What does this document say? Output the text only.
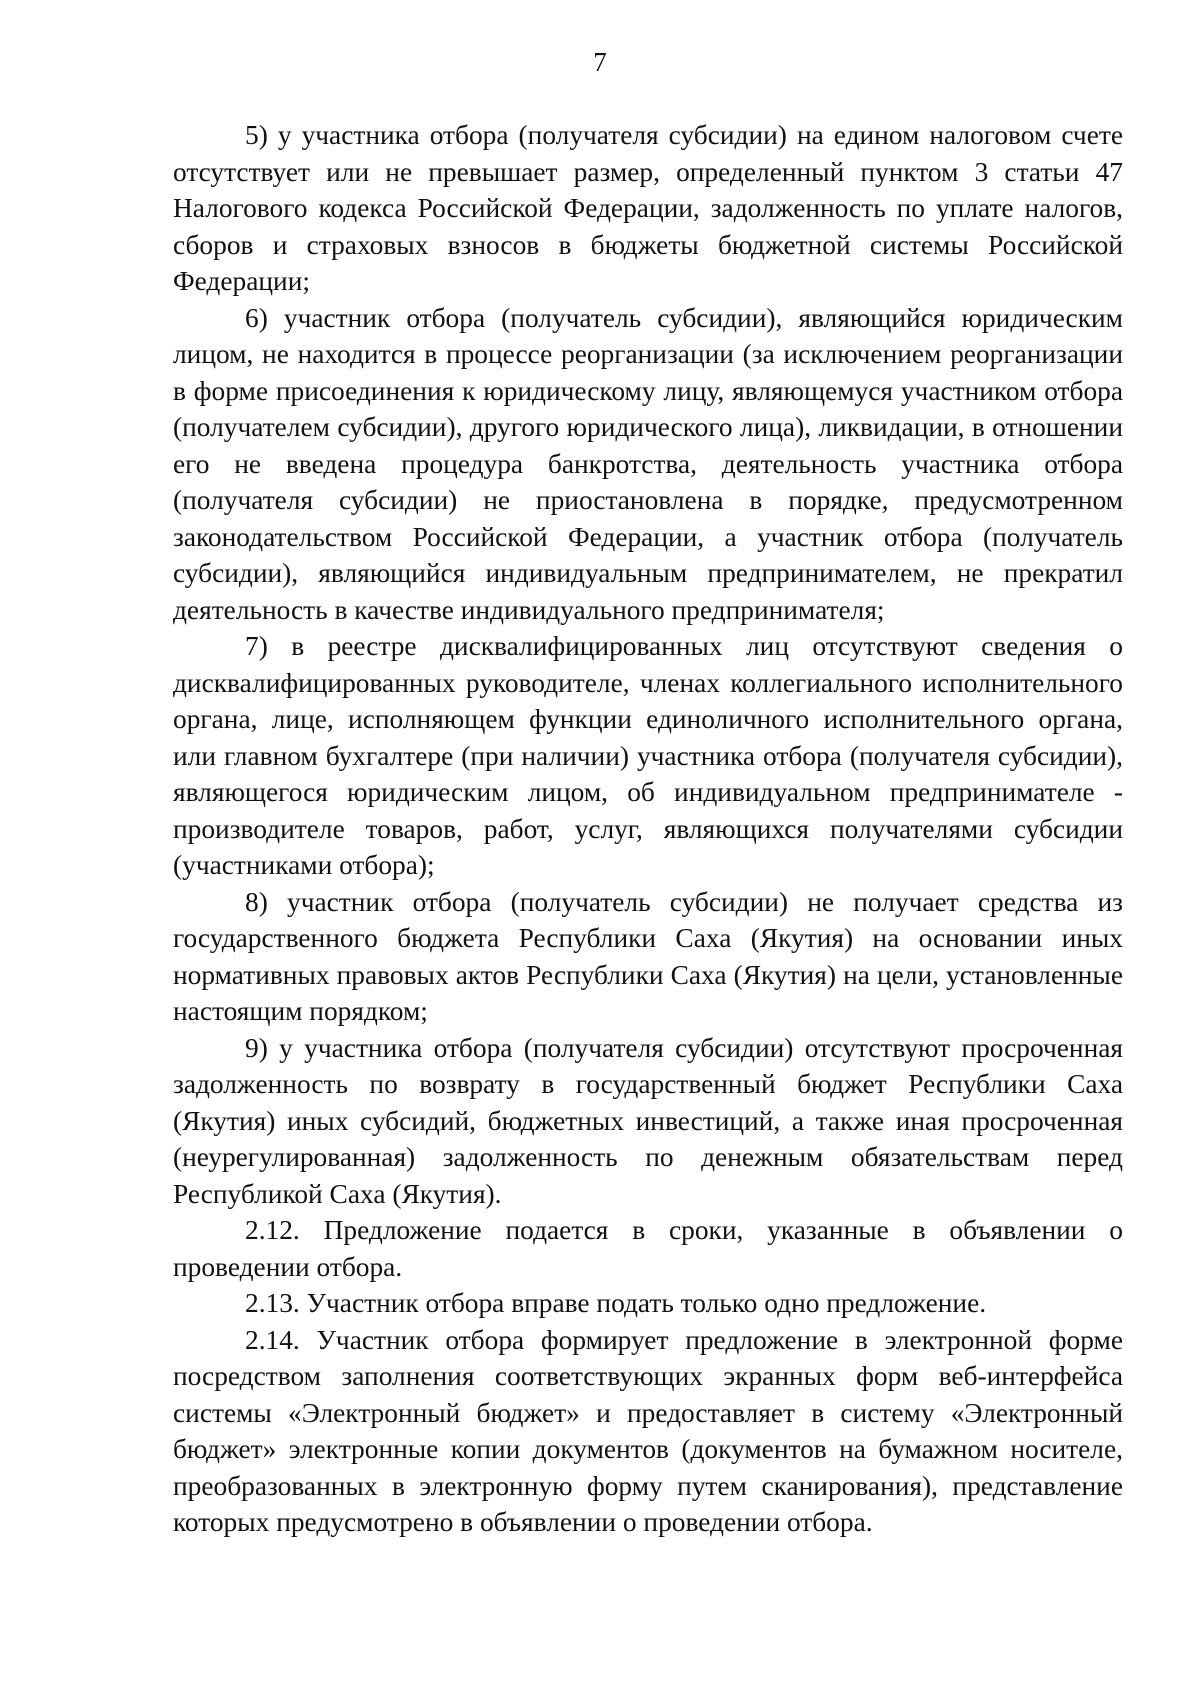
7

5) у участника отбора (получателя субсидии) на едином налоговом счете отсутствует или не превышает размер, определенный пунктом 3 статьи 47 Налогового кодекса Российской Федерации, задолженность по уплате налогов, сборов и страховых взносов в бюджеты бюджетной системы Российской Федерации;

6) участник отбора (получатель субсидии), являющийся юридическим лицом, не находится в процессе реорганизации (за исключением реорганизации в форме присоединения к юридическому лицу, являющемуся участником отбора (получателем субсидии), другого юридического лица), ликвидации, в отношении его не введена процедура банкротства, деятельность участника отбора (получателя субсидии) не приостановлена в порядке, предусмотренном законодательством Российской Федерации, а участник отбора (получатель субсидии), являющийся индивидуальным предпринимателем, не прекратил деятельность в качестве индивидуального предпринимателя;

7) в реестре дисквалифицированных лиц отсутствуют сведения о дисквалифицированных руководителе, членах коллегиального исполнительного органа, лице, исполняющем функции единоличного исполнительного органа, или главном бухгалтере (при наличии) участника отбора (получателя субсидии), являющегося юридическим лицом, об индивидуальном предпринимателе - производителе товаров, работ, услуг, являющихся получателями субсидии (участниками отбора);

8) участник отбора (получатель субсидии) не получает средства из государственного бюджета Республики Саха (Якутия) на основании иных нормативных правовых актов Республики Саха (Якутия) на цели, установленные настоящим порядком;

9) у участника отбора (получателя субсидии) отсутствуют просроченная задолженность по возврату в государственный бюджет Республики Саха (Якутия) иных субсидий, бюджетных инвестиций, а также иная просроченная (неурегулированная) задолженность по денежным обязательствам перед Республикой Саха (Якутия).

2.12. Предложение подается в сроки, указанные в объявлении о проведении отбора.

2.13. Участник отбора вправе подать только одно предложение.

2.14. Участник отбора формирует предложение в электронной форме посредством заполнения соответствующих экранных форм веб-интерфейса системы «Электронный бюджет» и предоставляет в систему «Электронный бюджет» электронные копии документов (документов на бумажном носителе, преобразованных в электронную форму путем сканирования), представление которых предусмотрено в объявлении о проведении отбора.
